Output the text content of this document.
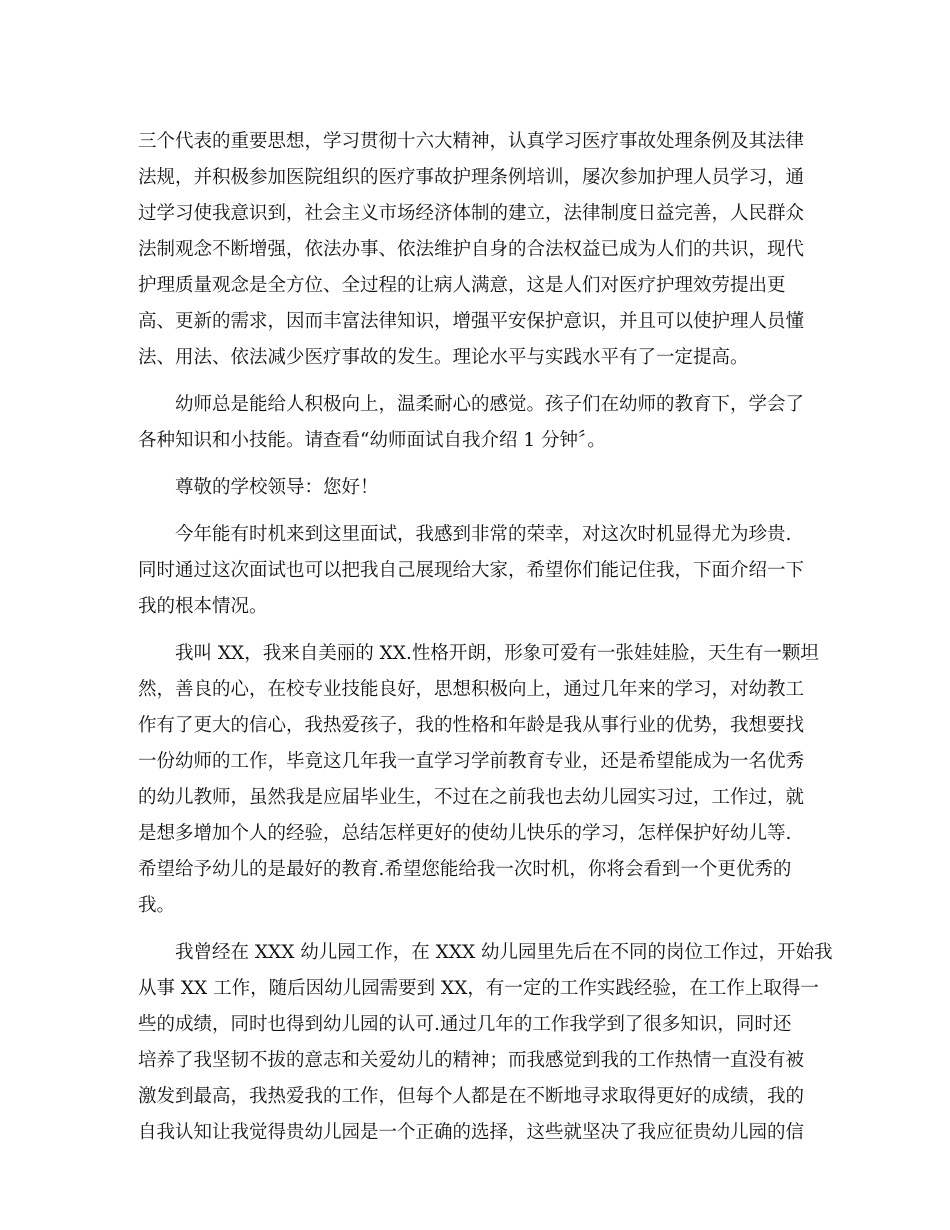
三个代表的重要思想，学习贯彻十六大精神，认真学习医疗事故处理条例及其法律
法规，并积极参加医院组织的医疗事故护理条例培训，屡次参加护理人员学习，通
过学习使我意识到，社会主义市场经济体制的建立，法律制度日益完善，人民群众
法制观念不断增强，依法办事、依法维护自身的合法权益已成为人们的共识，现代
护理质量观念是全方位、全过程的让病人满意，这是人们对医疗护理效劳提出更
高、更新的需求，因而丰富法律知识，增强平安保护意识，并且可以使护理人员懂
法、用法、依法减少医疗事故的发生。理论水平与实践水平有了一定提高。

幼师总是能给人积极向上，温柔耐心的感觉。孩子们在幼师的教育下，学会了
各种知识和小技能。请查看“幼师面试自我介绍 1 分钟〞。

尊敬的学校领导：您好！

今年能有时机来到这里面试，我感到非常的荣幸，对这次时机显得尤为珍贵.
同时通过这次面试也可以把我自己展现给大家，希望你们能记住我，下面介绍一下
我的根本情况。

我叫 XX，我来自美丽的 XX.性格开朗，形象可爱有一张娃娃脸，天生有一颗坦
然，善良的心，在校专业技能良好，思想积极向上，通过几年来的学习，对幼教工
作有了更大的信心，我热爱孩子，我的性格和年龄是我从事行业的优势，我想要找
一份幼师的工作，毕竟这几年我一直学习学前教育专业，还是希望能成为一名优秀
的幼儿教师，虽然我是应届毕业生，不过在之前我也去幼儿园实习过，工作过，就
是想多增加个人的经验，总结怎样更好的使幼儿快乐的学习，怎样保护好幼儿等.
希望给予幼儿的是最好的教育.希望您能给我一次时机，你将会看到一个更优秀的
我。

我曾经在 XXX 幼儿园工作，在 XXX 幼儿园里先后在不同的岗位工作过，开始我
从事 XX 工作，随后因幼儿园需要到 XX，有一定的工作实践经验，在工作上取得一
些的成绩，同时也得到幼儿园的认可.通过几年的工作我学到了很多知识，同时还
培养了我坚韧不拔的意志和关爱幼儿的精神；而我感觉到我的工作热情一直没有被
激发到最高，我热爱我的工作，但每个人都是在不断地寻求取得更好的成绩，我的
自我认知让我觉得贵幼儿园是一个正确的选择，这些就坚决了我应征贵幼儿园的信
